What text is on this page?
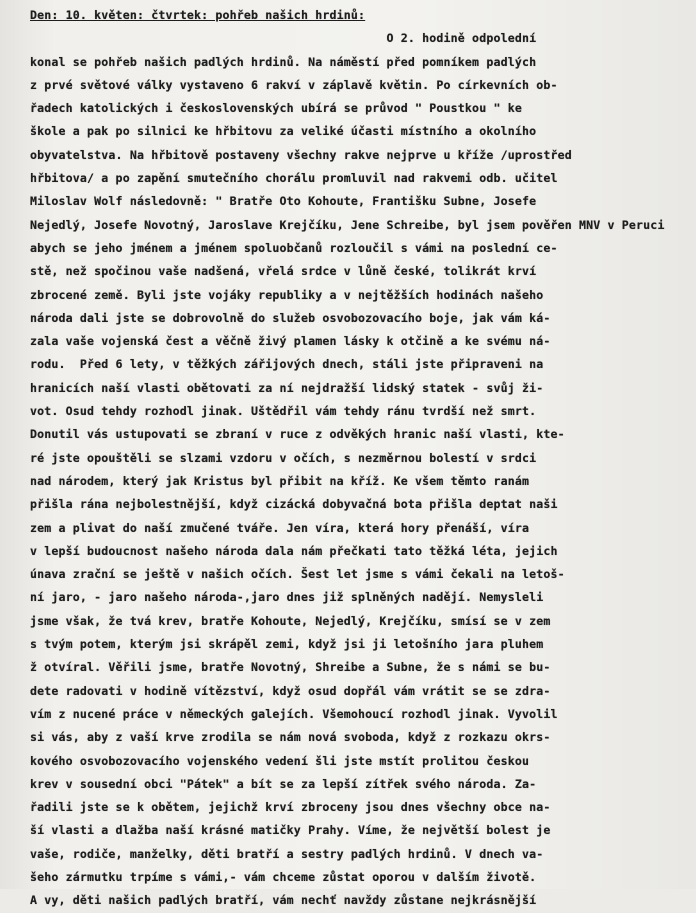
Den: 10. květen: čtvrtek: pohřeb našich hrdinů:
O 2. hodině odpolední
konal se pohřeb našich padlých hrdinů. Na náměstí před pomníkem padlých
z prvé světové války vystaveno 6 rakví v záplavě květin. Po církevních ob-
řadech katolických i československých ubírá se průvod " Poustkou " ke
škole a pak po silnici ke hřbitovu za veliké účasti místního a okolního
obyvatelstva. Na hřbitově postaveny všechny rakve nejprve u kříže /uprostřed
hřbitova/ a po zapění smutečního chorálu promluvil nad rakvemi odb. učitel
Miloslav Wolf následovně: " Bratře Oto Kohoute, Františku Subne, Josefe
Nejedlý, Josefe Novotný, Jaroslave Krejčíku, Jene Schreibe, byl jsem pověřen MNV v Peruci
abych se jeho jménem a jménem spoluobčanů rozloučil s vámi na poslední ce-
stě, než spočinou vaše nadšená, vřelá srdce v lůně české, tolikrát krví
zbrocené země. Byli jste vojáky republiky a v nejtěžších hodinách našeho
národa dali jste se dobrovolně do služeb osvobozovacího boje, jak vám ká-
zala vaše vojenská čest a věčně živý plamen lásky k otčině a ke svému ná-
rodu.  Před 6 lety, v těžkých zářijových dnech, stáli jste připraveni na
hranicích naší vlasti obětovati za ní nejdražší lidský statek - svůj ži-
vot. Osud tehdy rozhodl jinak. Uštědřil vám tehdy ránu tvrdší než smrt.
Donutil vás ustupovati se zbraní v ruce z odvěkých hranic naší vlasti, kte-
ré jste opouštěli se slzami vzdoru v očích, s nezměrnou bolestí v srdci
nad národem, který jak Kristus byl přibit na kříž. Ke všem těmto ranám
přišla rána nejbolestnější, když cizácká dobyvačná bota přišla deptat naši
zem a plivat do naší zmučené tváře. Jen víra, která hory přenáší, víra
v lepší budoucnost našeho národa dala nám přečkati tato těžká léta, jejich
únava zrační se ještě v našich očích. Šest let jsme s vámi čekali na letoš-
ní jaro, - jaro našeho národa-,jaro dnes již splněných nadějí. Nemysleli
jsme však, že tvá krev, bratře Kohoute, Nejedlý, Krejčíku, smísí se v zem
s tvým potem, kterým jsi skrápěl zemi, když jsi ji letošního jara pluhem
ž otvíral. Věřili jsme, bratře Novotný, Shreibe a Subne, že s námi se bu-
dete radovati v hodině vítězství, když osud dopřál vám vrátit se se zdra-
vím z nucené práce v německých galejích. Všemohoucí rozhodl jinak. Vyvolil
si vás, aby z vaší krve zrodila se nám nová svoboda, když z rozkazu okrs-
kového osvobozovacího vojenského vedení šli jste mstít prolitou českou
krev v sousední obci "Pátek" a bít se za lepší zítřek svého národa. Za-
řadili jste se k obětem, jejichž krví zbroceny jsou dnes všechny obce na-
ší vlasti a dlažba naší krásné matičky Prahy. Víme, že největší bolest je
vaše, rodiče, manželky, děti bratří a sestry padlých hrdinů. V dnech va-
šeho zármutku trpíme s vámi,- vám chceme zůstat oporou v dalším životě.
A vy, děti našich padlých bratří, vám nechť navždy zůstane nejkrásnější
